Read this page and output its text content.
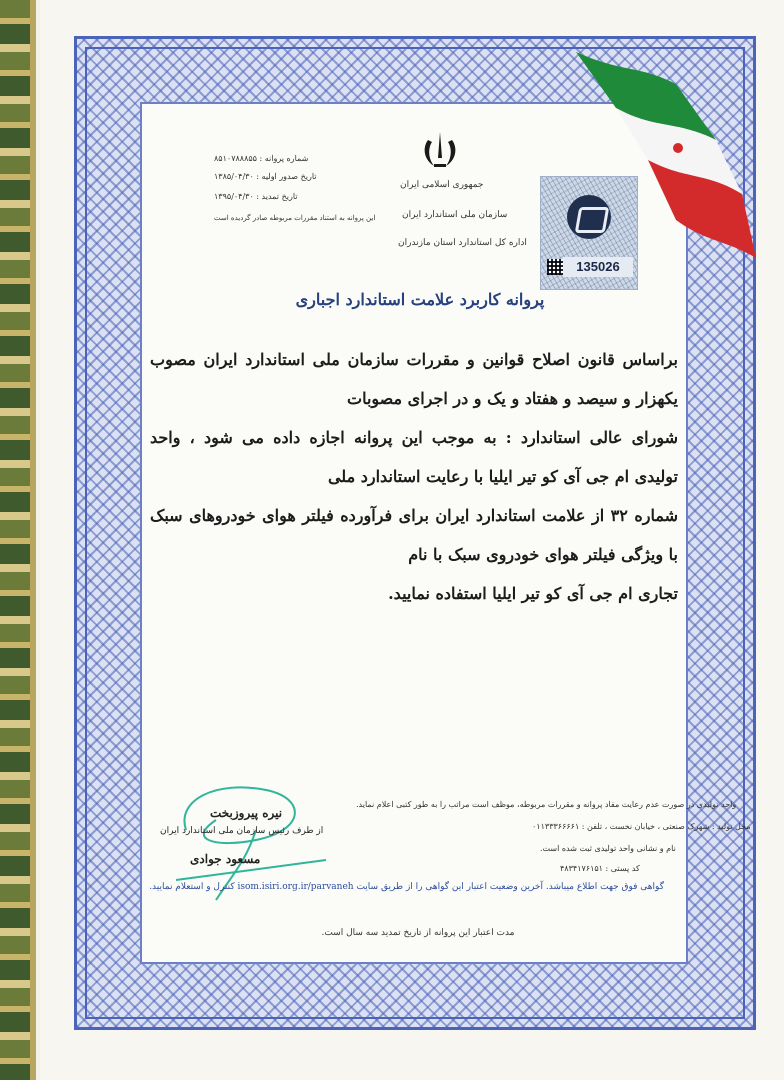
جمهوری اسلامی ایران
سازمان ملی استاندارد ایران
اداره کل استاندارد استان مازندران
شماره پروانه : ۸۵۱۰۷۸۸۸۵۵
تاریخ صدور اولیه : ۱۳۸۵/۰۴/۳۰
تاریخ تمدید : ۱۳۹۵/۰۴/۳۰
این پروانه به استناد مقررات مربوطه صادر گردیده است
135026
پروانه کاربرد علامت استاندارد اجباری
براساس قانون اصلاح قوانین و مقررات سازمان ملی استاندارد ایران مصوب یکهزار و سیصد و هفتاد و یک و در اجرای مصوبات
شورای عالی استاندارد : به موجب این پروانه اجازه داده می شود ، واحد تولیدی ام جی آی کو تیر ایلیا با رعایت استاندارد ملی
شماره ۳۲ از علامت استاندارد ایران برای فرآورده فیلتر هوای خودروهای سبک با ویژگی فیلتر هوای خودروی سبک با نام
تجاری ام جی آی کو تیر ایلیا استفاده نمایید.
واحد تولیدی در صورت عدم رعایت مفاد پروانه و مقررات مربوطه، موظف است مراتب را به طور کتبی اعلام نماید.
محل تولید : شهرک صنعتی ، خیابان نخست ، تلفن : ۰۱۱۳۳۳۶۶۶۶۱
نام و نشانی واحد تولیدی ثبت شده است.
کد پستی : ۴۸۳۴۱۷۶۱۵۱
نیره پیروزبخت
از طرف رئیس سازمان ملی استاندارد ایران
مسعود جوادی
گواهی فوق جهت اطلاع میباشد. آخرین وضعیت اعتبار این گواهی را از طریق سایت isom.isiri.org.ir/parvaneh کنترل و استعلام نمایید.
مدت اعتبار این پروانه از تاریخ تمدید سه سال است.
